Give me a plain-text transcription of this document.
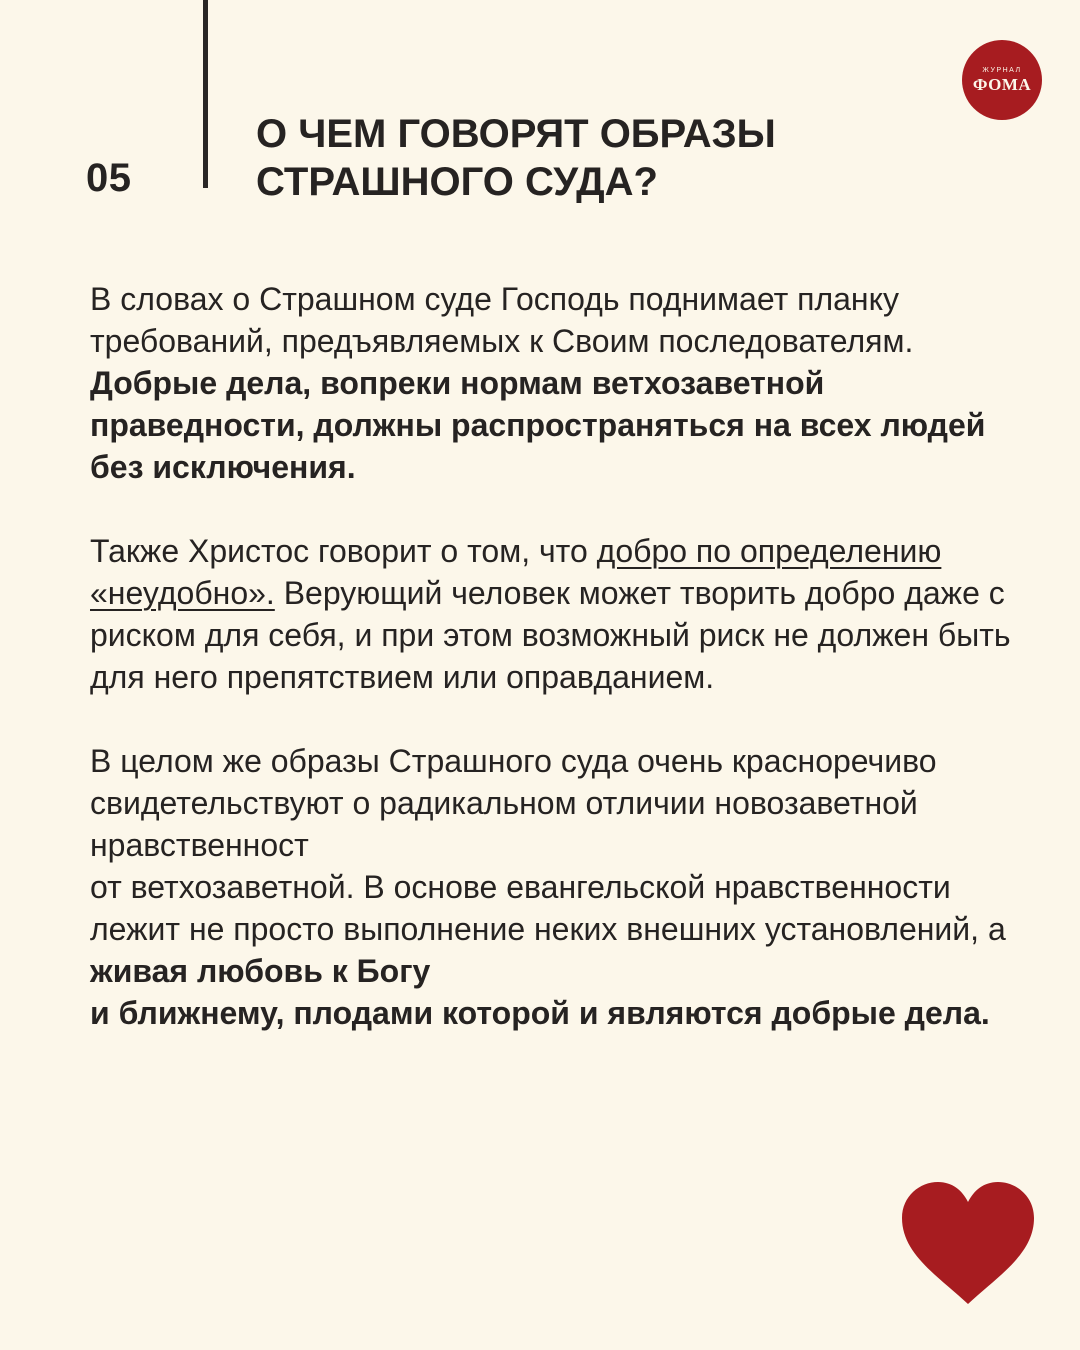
05
О ЧЕМ ГОВОРЯТ ОБРАЗЫ
СТРАШНОГО СУДА?
ЖУРНАЛ
ФОМА

В словах о Страшном суде Господь поднимает планку требований, предъявляемых к Своим последователям. Добрые дела, вопреки нормам ветхозаветной праведности, должны распространяться на всех людей без исключения.

Также Христос говорит о том, что добро по определению «неудобно». Верующий человек может творить добро даже с риском для себя, и при этом возможный риск не должен быть для него препятствием или оправданием.

В целом же образы Страшного суда очень красноречиво свидетельствуют о радикальном отличии новозаветной нравственност
от ветхозаветной. В основе евангельской нравственности лежит не просто выполнение неких внешних установлений, а живая любовь к Богу
и ближнему, плодами которой и являются добрые дела.
